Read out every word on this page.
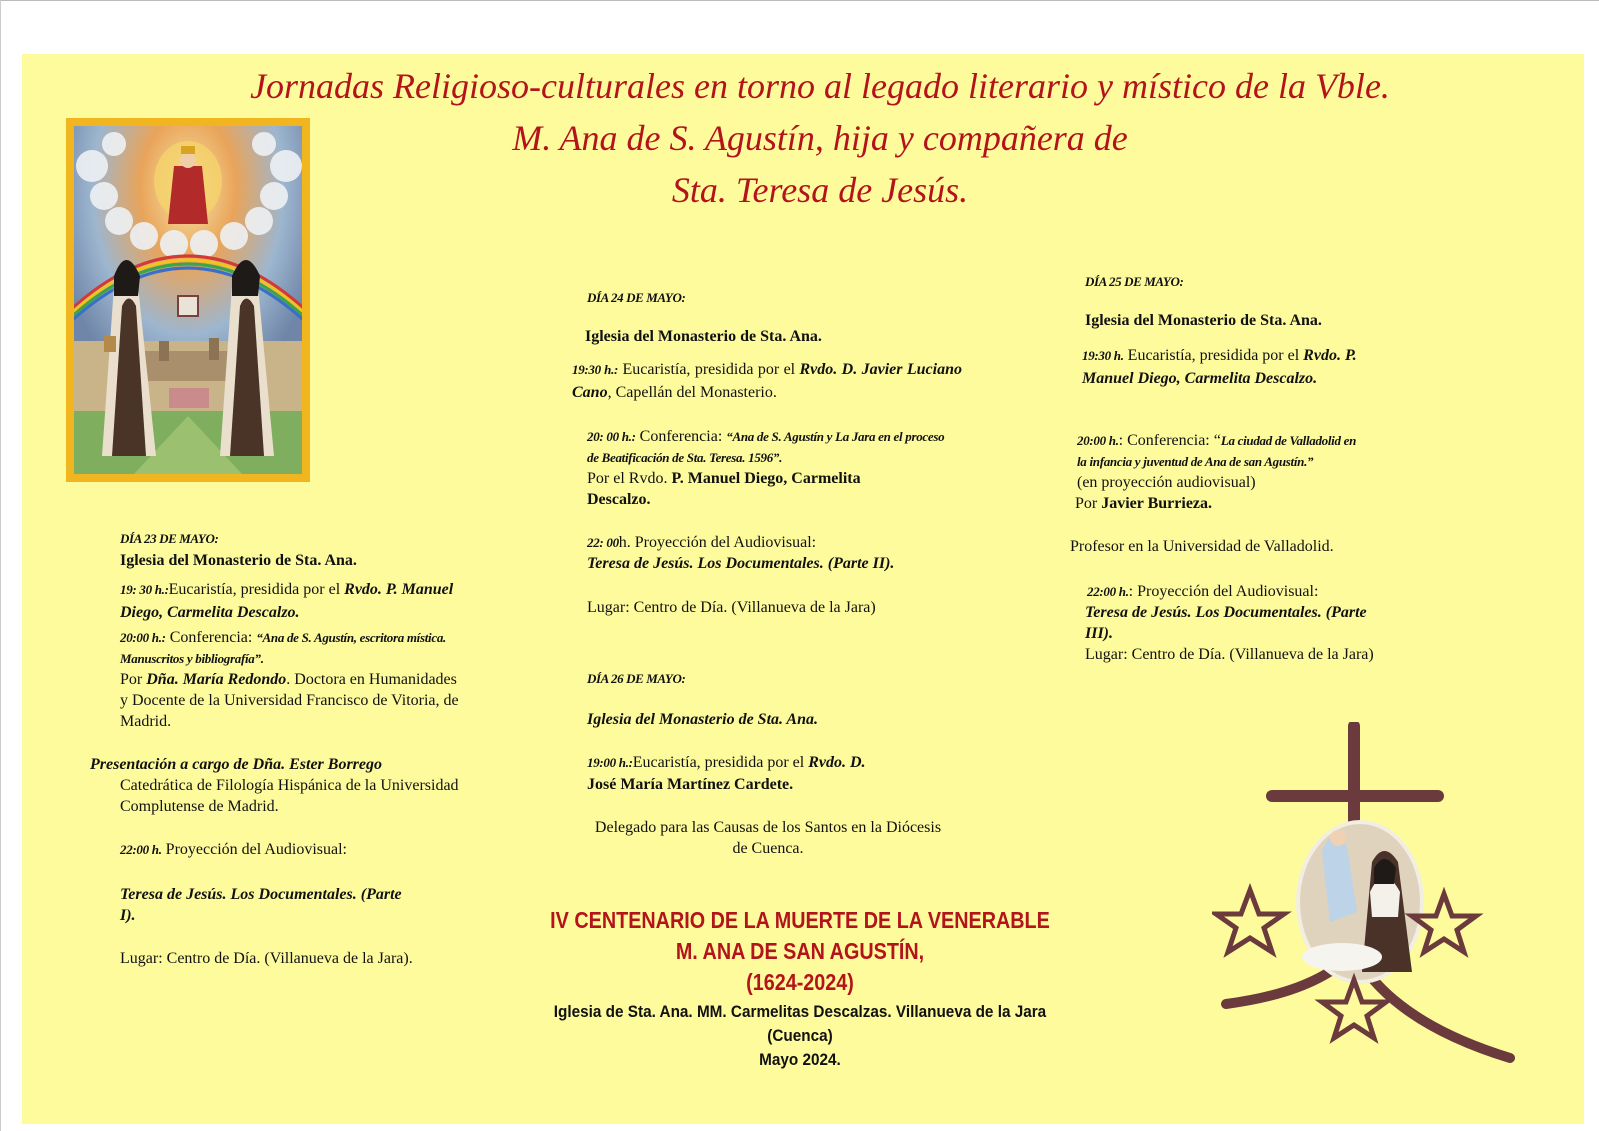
Jornadas Religioso-culturales en torno al legado literario y místico de la Vble.
M. Ana de S. Agustín, hija y compañera de
Sta. Teresa de Jesús.

DÍA 23 DE MAYO:

Iglesia del Monasterio de Sta. Ana.

19: 30 h.:Eucaristía, presidida por el Rvdo. P. Manuel Diego, Carmelita Descalzo.

20:00 h.: Conferencia: “Ana de S. Agustín, escritora mística. Manuscritos y bibliografía”.

Por Dña. María Redondo. Doctora en Humanidades y Docente de la Universidad Francisco de Vitoria, de Madrid.

Presentación a cargo de Dña. Ester Borrego

Catedrática de Filología Hispánica de la Universidad Complutense de Madrid.

22:00 h. Proyección del Audiovisual:

Teresa de Jesús. Los Documentales. (Parte I).

Lugar: Centro de Día. (Villanueva de la Jara).

DÍA 24 DE MAYO:

Iglesia del Monasterio de Sta. Ana.

19:30 h.: Eucaristía, presidida por el Rvdo. D. Javier Luciano Cano, Capellán del Monasterio.

20: 00 h.: Conferencia: “Ana de S. Agustín y La Jara en el proceso de Beatificación de Sta. Teresa. 1596”.

Por el Rvdo. P. Manuel Diego, Carmelita Descalzo.

22: 00h. Proyección del Audiovisual:

Teresa de Jesús. Los Documentales. (Parte II).

Lugar: Centro de Día. (Villanueva de la Jara)

DÍA 26 DE MAYO:

Iglesia del Monasterio de Sta. Ana.

19:00 h.:Eucaristía, presidida por el Rvdo. D.

José María Martínez Cardete.

Delegado para las Causas de los Santos en la Diócesis de Cuenca.

DÍA 25 DE MAYO:

Iglesia del Monasterio de Sta. Ana.

19:30 h. Eucaristía, presidida por el Rvdo. P. Manuel Diego, Carmelita Descalzo.

20:00 h.: Conferencia: “La ciudad de Valladolid en la infancia y juventud de Ana de san Agustín.”

(en proyección audiovisual)

Por Javier Burrieza.

Profesor en la Universidad de Valladolid.

22:00 h.: Proyección del Audiovisual:

Teresa de Jesús. Los Documentales. (Parte III).

Lugar: Centro de Día. (Villanueva de la Jara)

IV CENTENARIO DE LA MUERTE DE LA VENERABLE
M. ANA DE SAN AGUSTÍN,
(1624-2024)
Iglesia de Sta. Ana. MM. Carmelitas Descalzas. Villanueva de la Jara
(Cuenca)
Mayo 2024.
